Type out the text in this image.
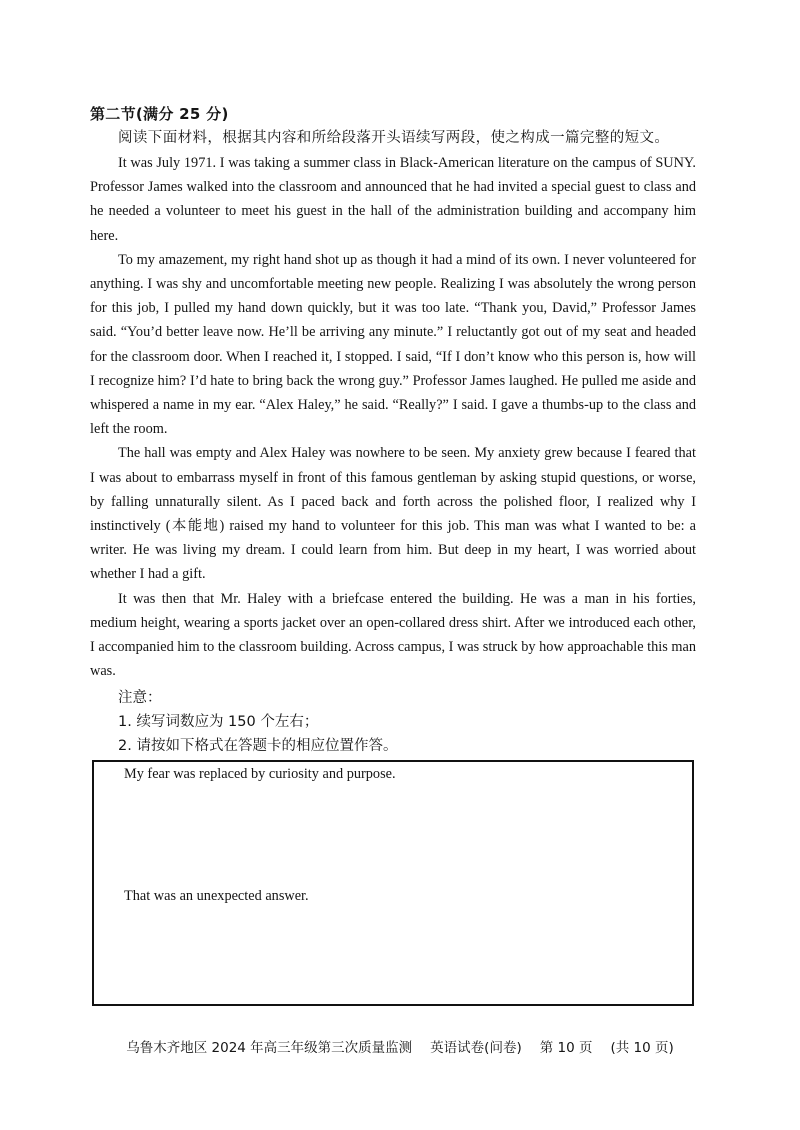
第二节(满分 25 分)
阅读下面材料，根据其内容和所给段落开头语续写两段，使之构成一篇完整的短文。

It was July 1971. I was taking a summer class in Black-American literature on the campus of SUNY. Professor James walked into the classroom and announced that he had invited a special guest to class and he needed a volunteer to meet his guest in the hall of the administration building and accompany him here.

To my amazement, my right hand shot up as though it had a mind of its own. I never volunteered for anything. I was shy and uncomfortable meeting new people. Realizing I was absolutely the wrong person for this job, I pulled my hand down quickly, but it was too late. “Thank you, David,” Professor James said. “You’d better leave now. He’ll be arriving any minute.” I reluctantly got out of my seat and headed for the classroom door. When I reached it, I stopped. I said, “If I don’t know who this person is, how will I recognize him? I’d hate to bring back the wrong guy.” Professor James laughed. He pulled me aside and whispered a name in my ear. “Alex Haley,” he said. “Really?” I said. I gave a thumbs-up to the class and left the room.

The hall was empty and Alex Haley was nowhere to be seen. My anxiety grew because I feared that I was about to embarrass myself in front of this famous gentleman by asking stupid questions, or worse, by falling unnaturally silent. As I paced back and forth across the polished floor, I realized why I instinctively (本能地) raised my hand to volunteer for this job. This man was what I wanted to be: a writer. He was living my dream. I could learn from him. But deep in my heart, I was worried about whether I had a gift.

It was then that Mr. Haley with a briefcase entered the building. He was a man in his forties, medium height, wearing a sports jacket over an open-collared dress shirt. After we introduced each other, I accompanied him to the classroom building. Across campus, I was struck by how approachable this man was.

注意：
1. 续写词数应为 150 个左右；
2. 请按如下格式在答题卡的相应位置作答。
My fear was replaced by curiosity and purpose.
That was an unexpected answer.
乌鲁木齐地区 2024 年高三年级第三次质量监测 英语试卷(问卷) 第 10 页 (共 10 页)
